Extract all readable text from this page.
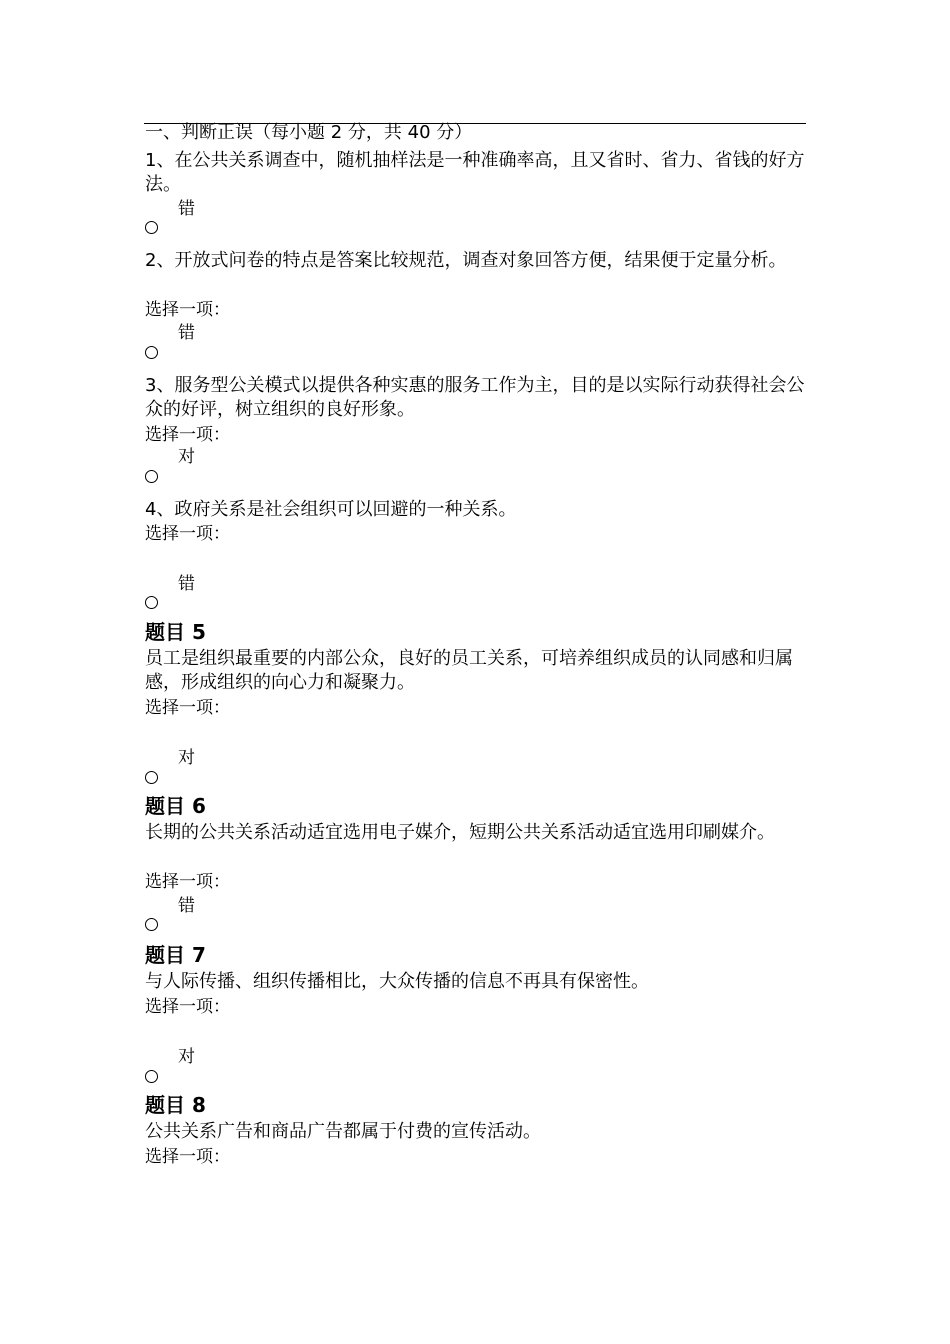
一、判断正误（每小题 2 分，共 40 分）
1、在公共关系调查中，随机抽样法是一种准确率高，且又省时、省力、省钱的好方法。
错
2、开放式问卷的特点是答案比较规范，调查对象回答方便，结果便于定量分析。
选择一项：
错
3、服务型公关模式以提供各种实惠的服务工作为主，目的是以实际行动获得社会公众的好评，树立组织的良好形象。
选择一项：
对
4、政府关系是社会组织可以回避的一种关系。
选择一项：
错
题目 5
员工是组织最重要的内部公众，良好的员工关系，可培养组织成员的认同感和归属感，形成组织的向心力和凝聚力。
选择一项：
对
题目 6
长期的公共关系活动适宜选用电子媒介，短期公共关系活动适宜选用印刷媒介。
选择一项：
错
题目 7
与人际传播、组织传播相比，大众传播的信息不再具有保密性。
选择一项：
对
题目 8
公共关系广告和商品广告都属于付费的宣传活动。
选择一项：
